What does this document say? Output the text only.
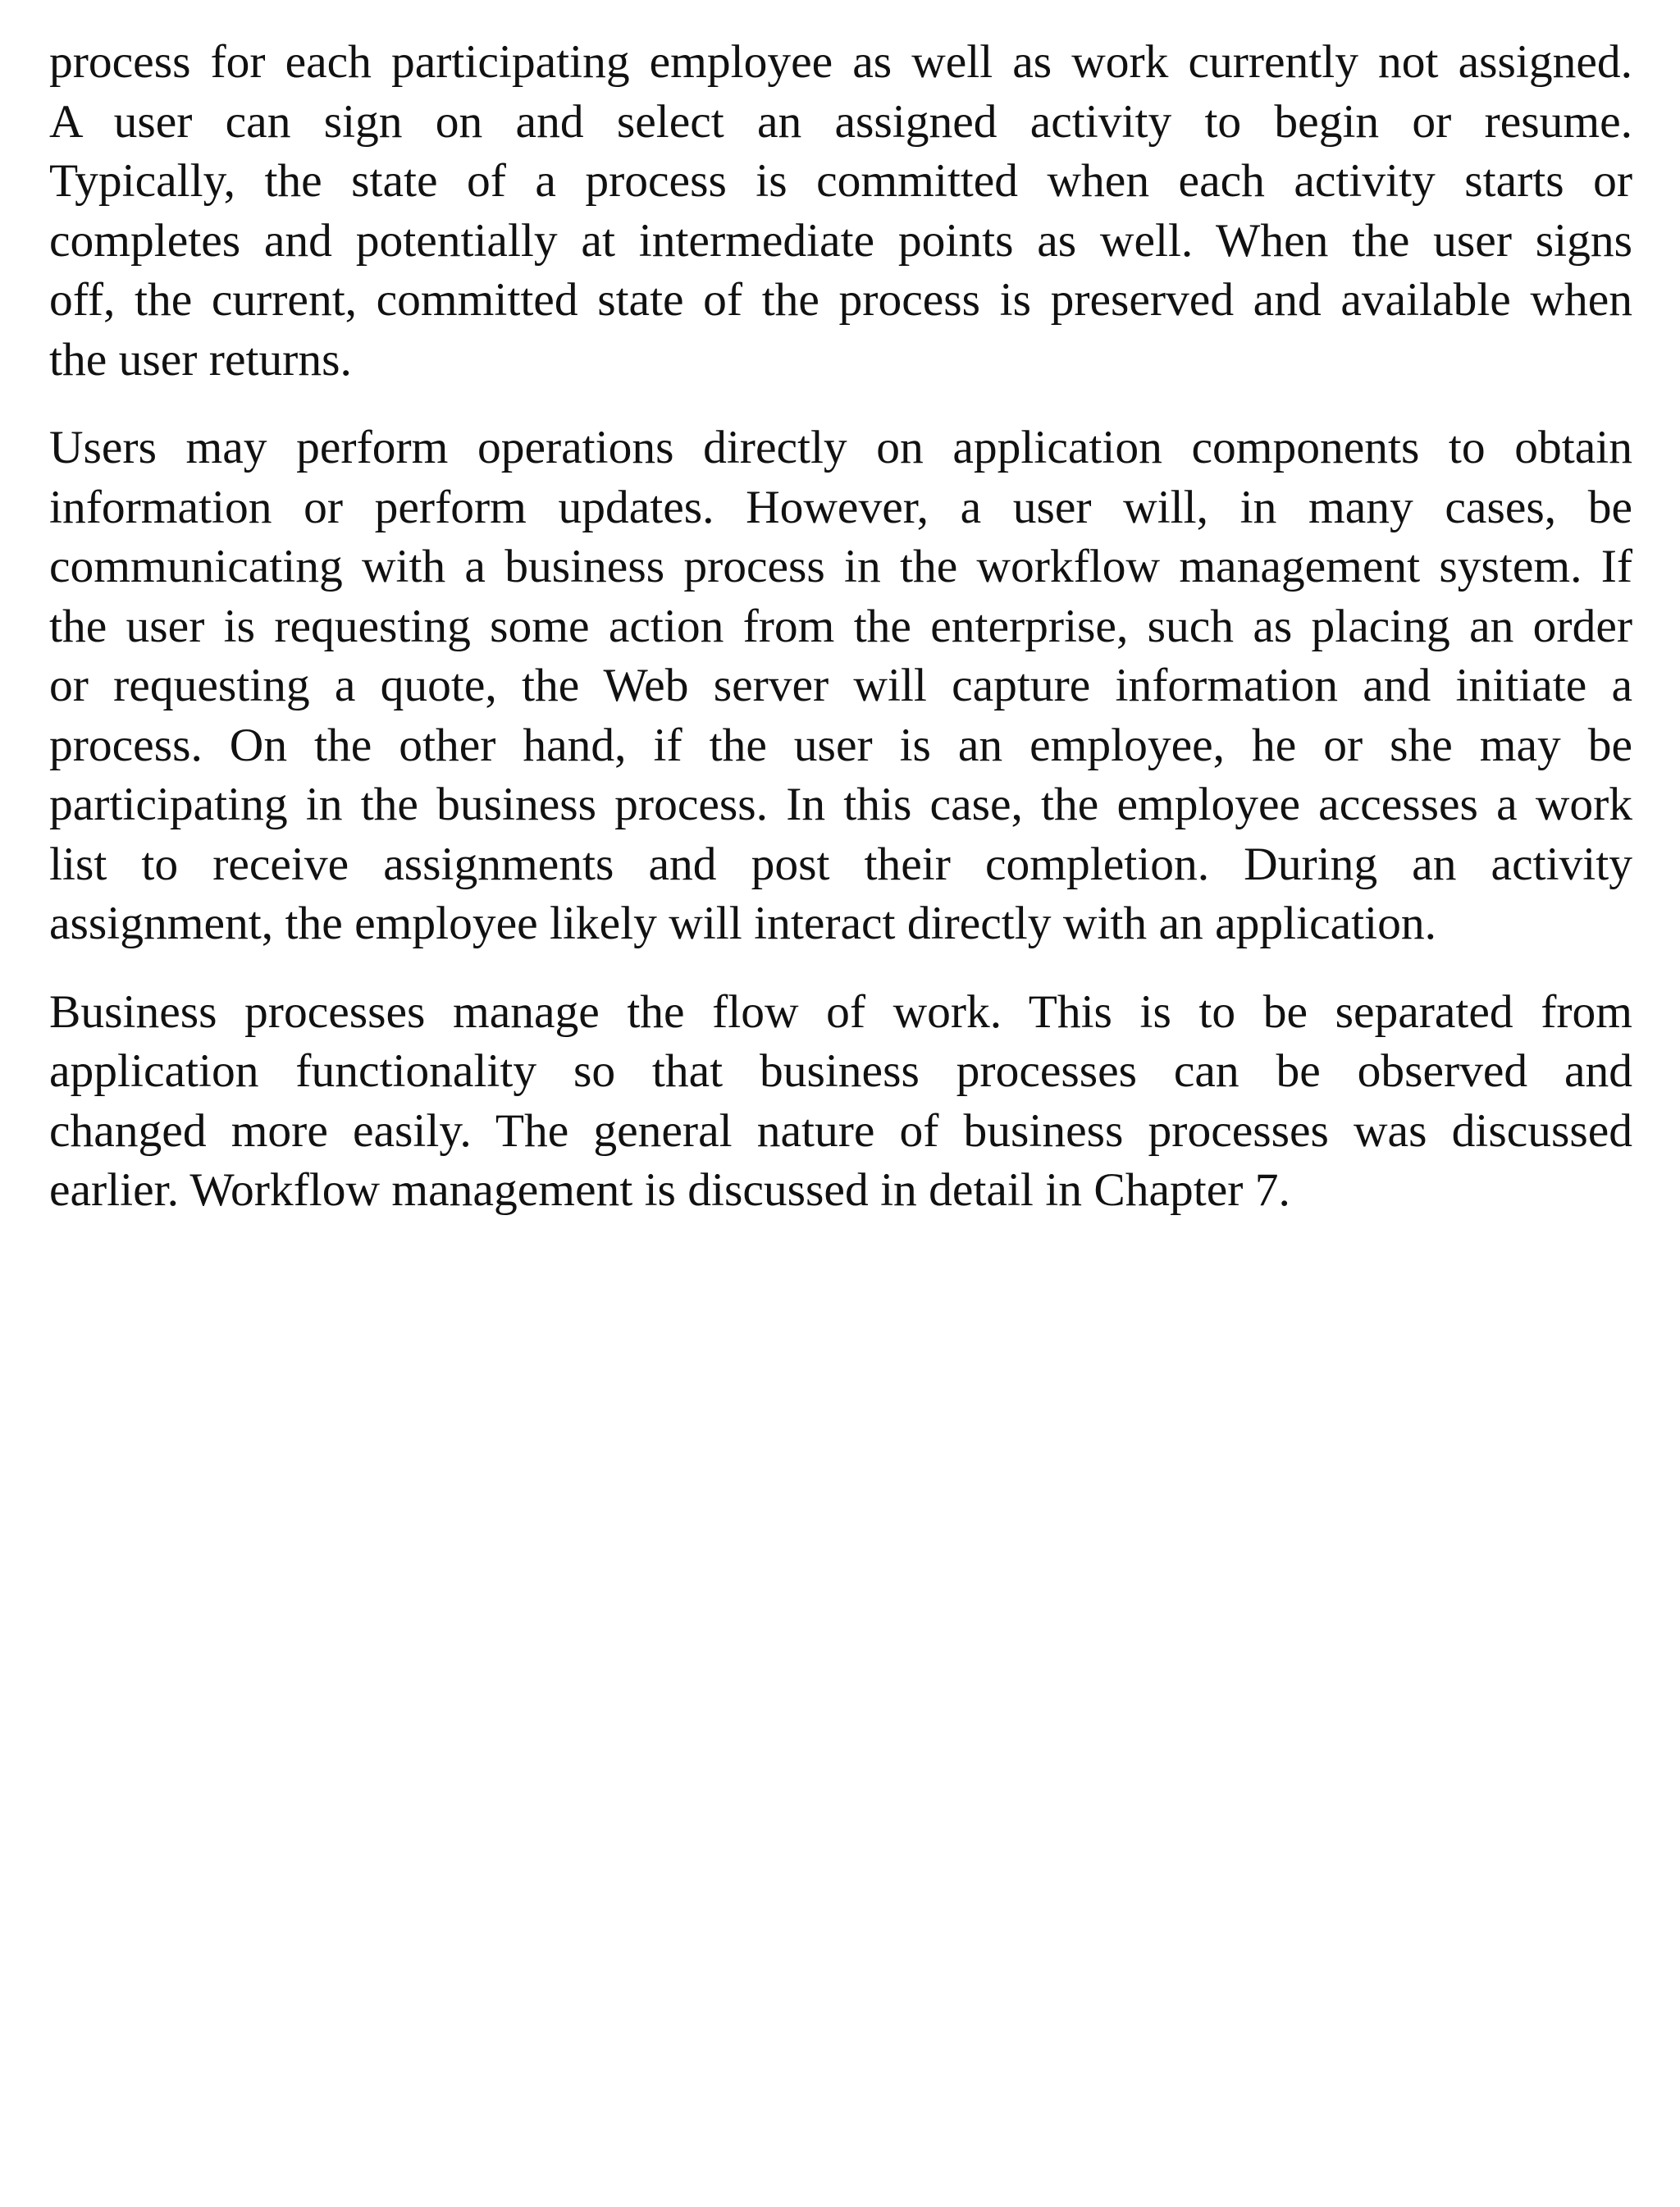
process for each participating employee as well as work currently not assigned.
A user can sign on and select an assigned activity to begin or resume.
Typically, the state of a process is committed when each activity starts or
completes and potentially at intermediate points as well. When the user signs
off, the current, committed state of the process is preserved and available when
the user returns.

Users may perform operations directly on application components to obtain
information or perform updates. However, a user will, in many cases, be
communicating with a business process in the workflow management system. If
the user is requesting some action from the enterprise, such as placing an order
or requesting a quote, the Web server will capture information and initiate a
process. On the other hand, if the user is an employee, he or she may be
participating in the business process. In this case, the employee accesses a work
list to receive assignments and post their completion. During an activity
assignment, the employee likely will interact directly with an application.

Business processes manage the flow of work. This is to be separated from
application functionality so that business processes can be observed and
changed more easily. The general nature of business processes was discussed
earlier. Workflow management is discussed in detail in Chapter 7.
